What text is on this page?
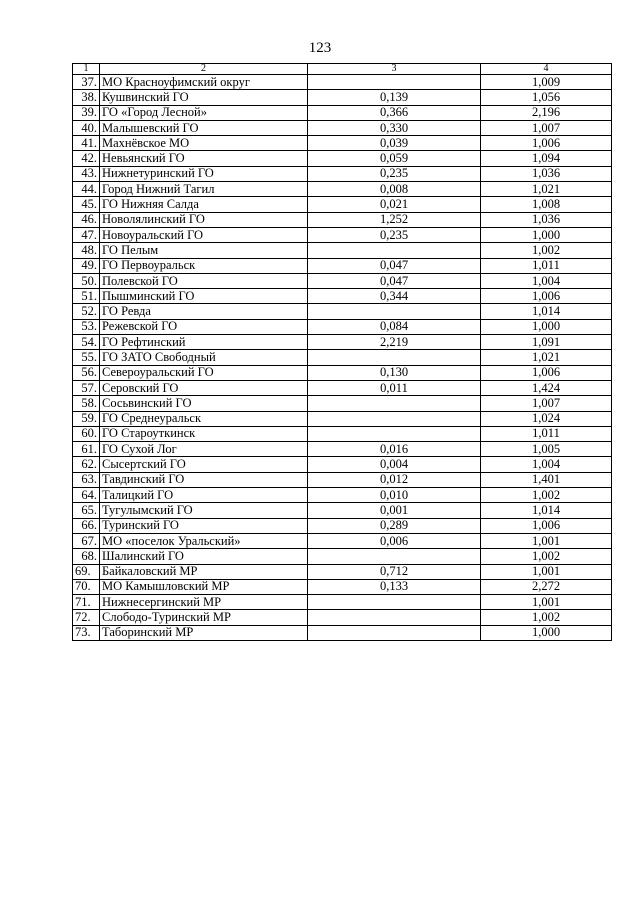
123
1	2	3	4
37.	МО Красноуфимский округ		1,009
38.	Кушвинский ГО	0,139	1,056
39.	ГО «Город Лесной»	0,366	2,196
40.	Малышевский ГО	0,330	1,007
41.	Махнёвское МО	0,039	1,006
42.	Невьянский ГО	0,059	1,094
43.	Нижнетуринский ГО	0,235	1,036
44.	Город Нижний Тагил	0,008	1,021
45.	ГО Нижняя Салда	0,021	1,008
46.	Новолялинский ГО	1,252	1,036
47.	Новоуральский ГО	0,235	1,000
48.	ГО Пелым		1,002
49.	ГО Первоуральск	0,047	1,011
50.	Полевской ГО	0,047	1,004
51.	Пышминский ГО	0,344	1,006
52.	ГО Ревда		1,014
53.	Режевской ГО	0,084	1,000
54.	ГО Рефтинский	2,219	1,091
55.	ГО ЗАТО Свободный		1,021
56.	Североуральский ГО	0,130	1,006
57.	Серовский ГО	0,011	1,424
58.	Сосьвинский ГО		1,007
59.	ГО Среднеуральск		1,024
60.	ГО Староуткинск		1,011
61.	ГО Сухой Лог	0,016	1,005
62.	Сысертский ГО	0,004	1,004
63.	Тавдинский ГО	0,012	1,401
64.	Талицкий ГО	0,010	1,002
65.	Тугулымский ГО	0,001	1,014
66.	Туринский ГО	0,289	1,006
67.	МО «поселок Уральский»	0,006	1,001
68.	Шалинский ГО		1,002
69.	Байкаловский МР	0,712	1,001
70.	МО Камышловский МР	0,133	2,272
71.	Нижнесергинский МР		1,001
72.	Слободо-Туринский МР		1,002
73.	Таборинский МР		1,000
